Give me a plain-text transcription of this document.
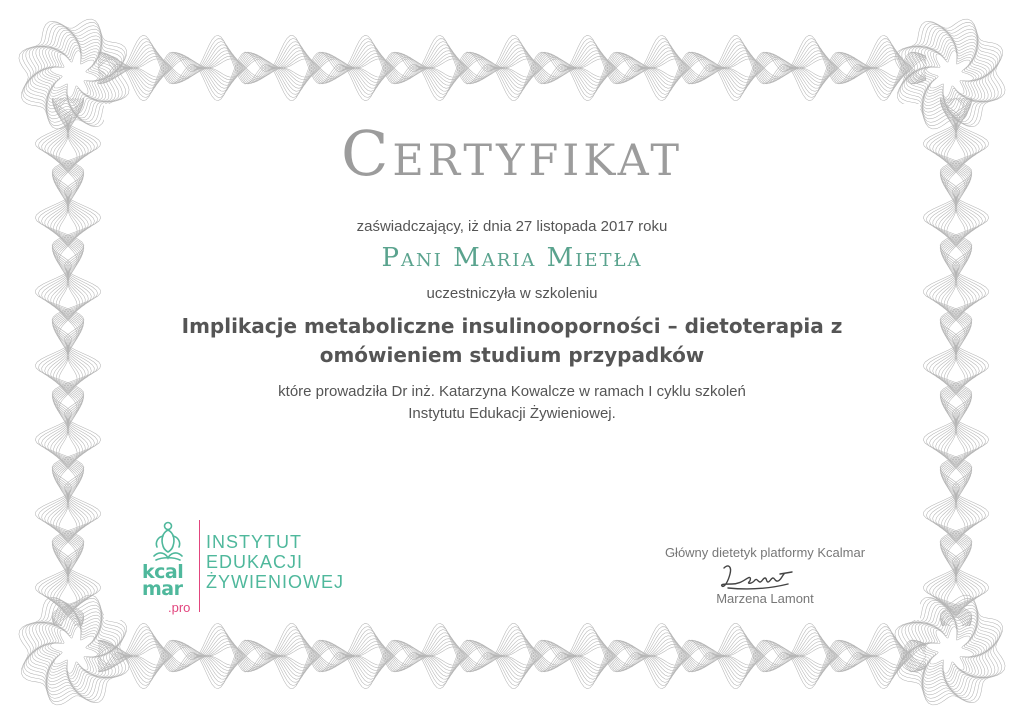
Certyfikat
zaświadczający, iż dnia 27 listopada 2017 roku
Pani Maria Mietła
uczestniczyła w szkoleniu
Implikacje metaboliczne insulinooporności – dietoterapia z
omówieniem studium przypadków
które prowadziła Dr inż. Katarzyna Kowalcze w ramach I cyklu szkoleń
Instytutu Edukacji Żywieniowej.
kcal
mar
.pro
INSTYTUT
EDUKACJI
ŻYWIENIOWEJ
Główny dietetyk platformy Kcalmar
Marzena Lamont
